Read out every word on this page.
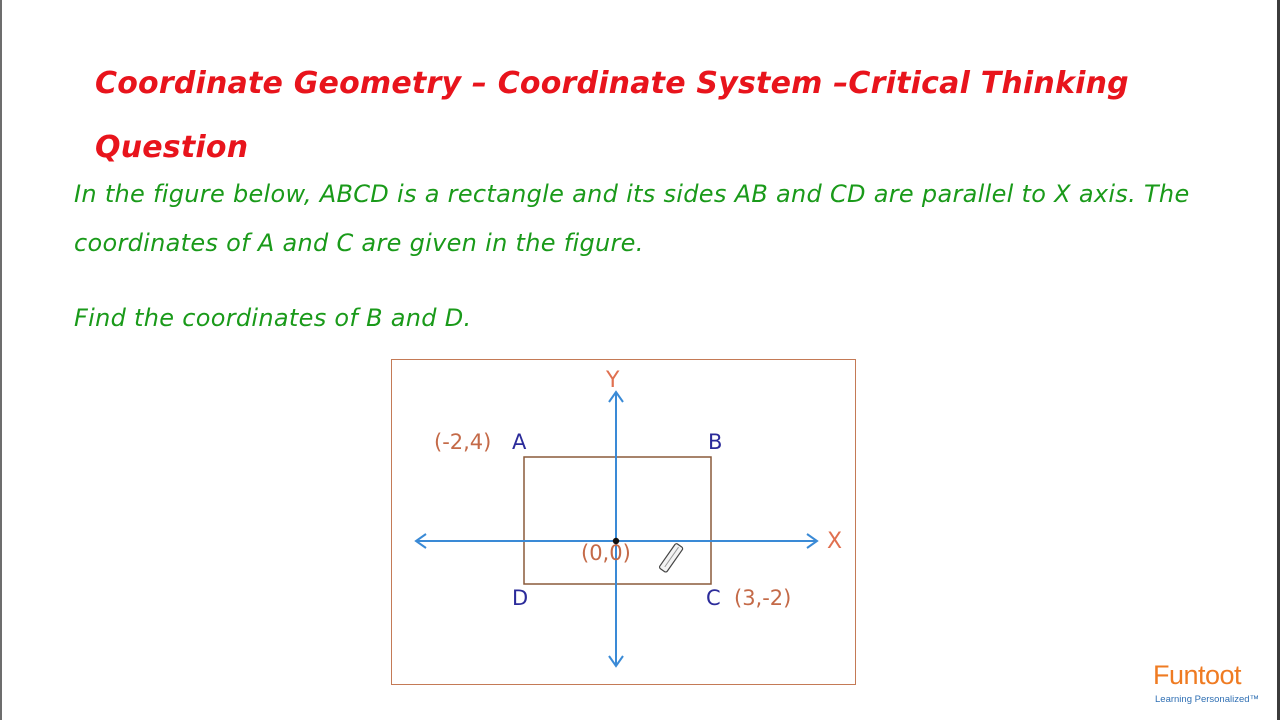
Coordinate Geometry – Coordinate System –Critical Thinking Question
In the figure below, ABCD is a rectangle and its sides AB and CD are parallel to X axis. The coordinates of A and C are given in the figure.
Find the coordinates of B and D.
Y
X
A	B
C
D
(-2,4)
(3,-2)
(0,0)
Funtoot
Learning Personalized™
